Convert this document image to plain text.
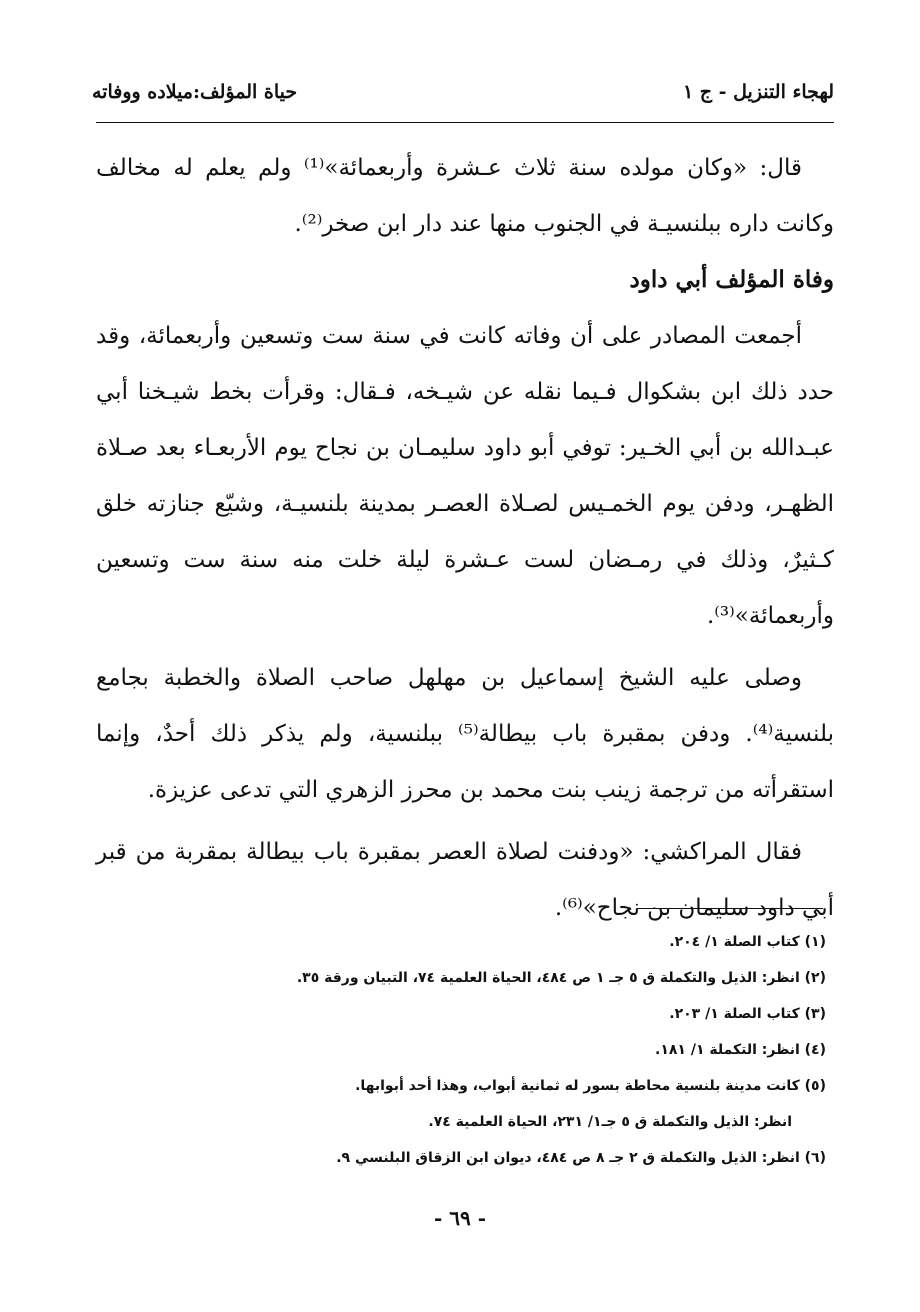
لهجاء التنزيل - ج ١
حياة المؤلف:ميلاده ووفاته

قال: «وكان مولده سنة ثلاث عـشرة وأربعمائة»⁽¹⁾ ولم يعلم له مخالف وكانت داره ببلنسيـة في الجنوب منها عند دار ابن صخر⁽²⁾.

وفاة المؤلف أبي داود

أجمعت المصادر على أن وفاته كانت في سنة ست وتسعين وأربعمائة، وقد حدد ذلك ابن بشكوال فـيما نقله عن شيـخه، فـقال: وقرأت بخط شيـخنا أبي عبـدالله بن أبي الخـير: توفي أبو داود سليمـان بن نجاح يوم الأربعـاء بعد صـلاة الظهـر، ودفن يوم الخمـيس لصـلاة العصـر بمدينة بلنسيـة، وشيّع جنازته خلق كـثيرٌ، وذلك في رمـضان لست عـشرة ليلة خلت منه سنة ست وتسعين وأربعمائة»⁽³⁾.

وصلى عليه الشيخ إسماعيل بن مهلهل صاحب الصلاة والخطبة بجامع بلنسية⁽⁴⁾. ودفن بمقبرة باب بيطالة⁽⁵⁾ ببلنسية، ولم يذكر ذلك أحدٌ، وإنما استقرأته من ترجمة زينب بنت محمد بن محرز الزهري التي تدعى عزيزة.

فقال المراكشي: «ودفنت لصلاة العصر بمقبرة باب بيطالة بمقربة من قبر أبي داود سليمان بن نجاح»⁽⁶⁾.

(١) كتاب الصلة ١/ ٢٠٤.

(٢) انظر: الذيل والتكملة ق ٥ جـ ١ ص ٤٨٤، الحياة العلمية ٧٤، التبيان ورقة ٣٥.

(٣) كتاب الصلة ١/ ٢٠٣.

(٤) انظر: التكملة ١/ ١٨١.

(٥) كانت مدينة بلنسية محاطة بسور له ثمانية أبواب، وهذا أحد أبوابها.

انظر: الذيل والتكملة ق ٥ جـ١/ ٢٣١، الحياة العلمية ٧٤.

(٦) انظر: الذيل والتكملة ق ٢ جـ ٨ ص ٤٨٤، ديوان ابن الزقاق البلنسي ٩.

- ٦٩ -
